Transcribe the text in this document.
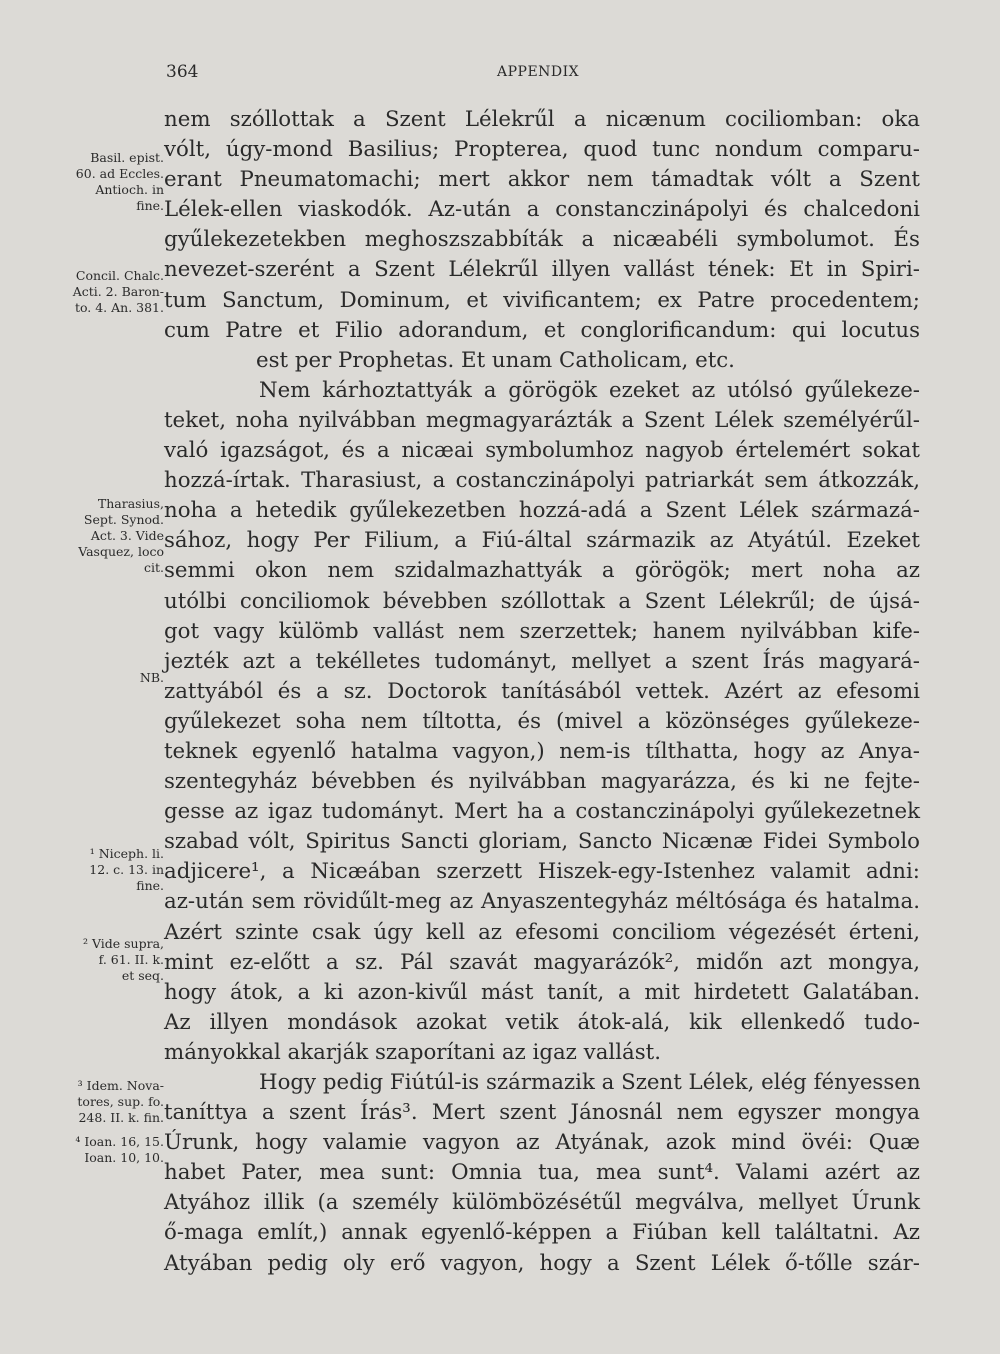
364	APPENDIX
Basil. epist.
60. ad Eccles.
Antioch. in
fine.
Concil. Chalc.
Acti. 2. Baron-
to. 4. An. 381.
Tharasius,
Sept. Synod.
Act. 3. Vide
Vasquez, loco
cit.
NB.
¹ Niceph. li.
12. c. 13. in
fine.
² Vide supra,
f. 61. II. k.
et seq.
³ Idem. Nova-
tores, sup. fo.
248. II. k. fin.
⁴ Ioan. 16, 15.
Ioan. 10, 10.
nem szóllottak a Szent Lélekrűl a nicænum cociliomban: oka
vólt, úgy-mond Basilius; Propterea, quod tunc nondum comparu-
erant Pneumatomachi; mert akkor nem támadtak vólt a Szent
Lélek-ellen viaskodók. Az-után a constanczinápolyi és chalcedoni
gyűlekezetekben meghoszszabbíták a nicæabéli symbolumot. És
nevezet-szerént a Szent Lélekrűl illyen vallást tének: Et in Spiri-
tum Sanctum, Dominum, et vivificantem; ex Patre procedentem;
cum Patre et Filio adorandum, et conglorificandum: qui locutus
est per Prophetas. Et unam Catholicam, etc.
Nem kárhoztattyák a görögök ezeket az utólsó gyűlekeze-
teket, noha nyilvábban megmagyarázták a Szent Lélek személyérűl-
való igazságot, és a nicæai symbolumhoz nagyob értelemért sokat
hozzá-írtak. Tharasiust, a costanczinápolyi patriarkát sem átkozzák,
noha a hetedik gyűlekezetben hozzá-adá a Szent Lélek származá-
sához, hogy Per Filium, a Fiú-által származik az Atyátúl. Ezeket
semmi okon nem szidalmazhattyák a görögök; mert noha az
utólbi conciliomok bévebben szóllottak a Szent Lélekrűl; de újsá-
got vagy külömb vallást nem szerzettek; hanem nyilvábban kife-
jezték azt a tekélletes tudományt, mellyet a szent Írás magyará-
zattyából és a sz. Doctorok tanításából vettek. Azért az efesomi
gyűlekezet soha nem tíltotta, és (mivel a közönséges gyűlekeze-
teknek egyenlő hatalma vagyon,) nem-is tílthatta, hogy az Anya-
szentegyház bévebben és nyilvábban magyarázza, és ki ne fejte-
gesse az igaz tudományt. Mert ha a costanczinápolyi gyűlekezetnek
szabad vólt, Spiritus Sancti gloriam, Sancto Nicænæ Fidei Symbolo
adjicere¹, a Nicæában szerzett Hiszek-egy-Istenhez valamit adni:
az-után sem rövidűlt-meg az Anyaszentegyház méltósága és hatalma.
Azért szinte csak úgy kell az efesomi conciliom végezését érteni,
mint ez-előtt a sz. Pál szavát magyarázók², midőn azt mongya,
hogy átok, a ki azon-kivűl mást tanít, a mit hirdetett Galatában.
Az illyen mondások azokat vetik átok-alá, kik ellenkedő tudo-
mányokkal akarják szaporítani az igaz vallást.
Hogy pedig Fiútúl-is származik a Szent Lélek, elég fényessen
taníttya a szent Írás³. Mert szent Jánosnál nem egyszer mongya
Úrunk, hogy valamie vagyon az Atyának, azok mind övéi: Quæ
habet Pater, mea sunt: Omnia tua, mea sunt⁴. Valami azért az
Atyához illik (a személy külömbözésétűl megválva, mellyet Úrunk
ő-maga említ,) annak egyenlő-képpen a Fiúban kell találtatni. Az
Atyában pedig oly erő vagyon, hogy a Szent Lélek ő-tőlle szár-
